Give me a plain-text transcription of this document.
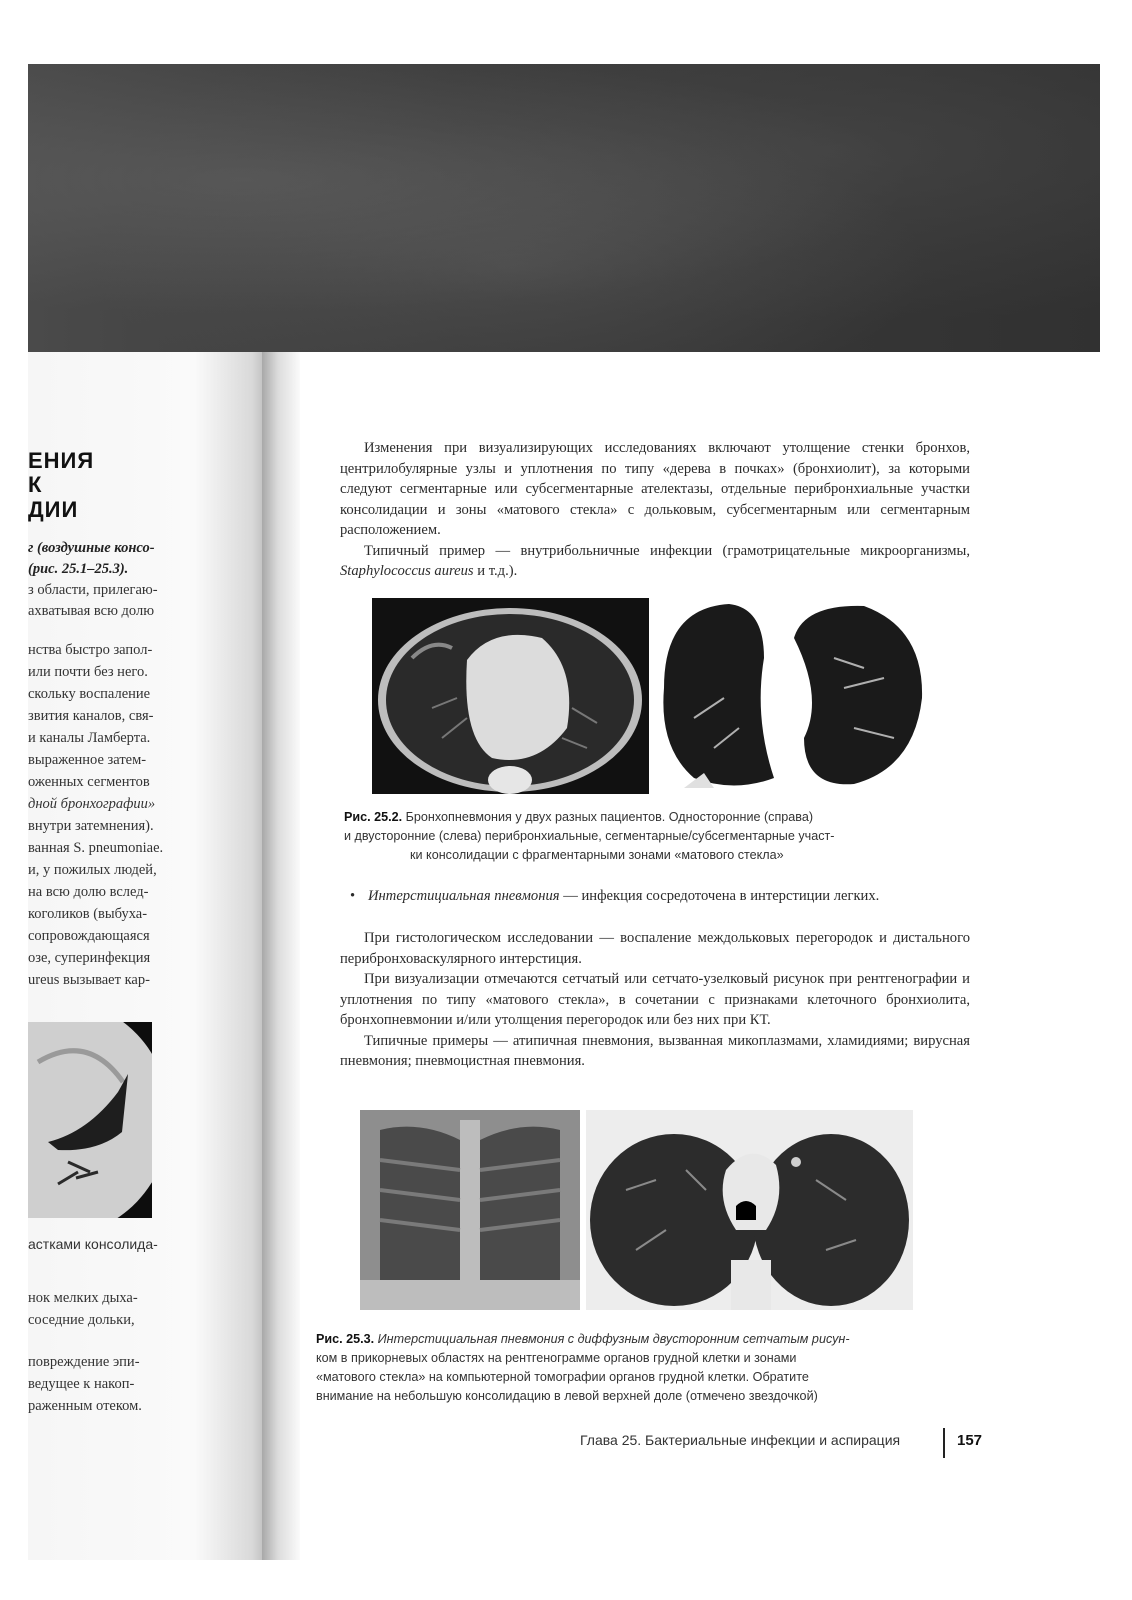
ЕНИЯ
К
ДИИ
г (воздушные консо-
(рис. 25.1–25.3).
з области, прилегаю-
ахватывая всю долю
нства быстро запол-
или почти без него.
скольку воспаление
звития каналов, свя-
и каналы Ламберта.
выраженное затем-
оженных сегментов
дной бронхографии»
внутри затемнения).
ванная S. pneumoniae.
и, у пожилых людей,
на всю долю вслед-
коголиков (выбуха-
сопровождающаяся
озе, суперинфекция
ureus вызывает кар-
астками консолида-
нок мелких дыха-
соседние дольки,
повреждение эпи-
ведущее к накоп-
раженным отеком.

Изменения при визуализирующих исследованиях включают утолщение стенки бронхов, центрилобулярные узлы и уплотнения по типу «дерева в почках» (бронхиолит), за которыми следуют сегментарные или субсегментарные ателектазы, отдельные перибронхиальные участки консолидации и зоны «матового стекла» с дольковым, субсегментарным или сегментарным расположением.

Типичный пример — внутрибольничные инфекции (грамотрицательные микроорганизмы, Staphylococcus aureus и т.д.).

Рис. 25.2. Бронхопневмония у двух разных пациентов. Односторонние (справа)
и двусторонние (слева) перибронхиальные, сегментарные/субсегментарные участ-
ки консолидации с фрагментарными зонами «матового стекла»
• Интерстициальная пневмония — инфекция сосредоточена в интерстиции легких.

При гистологическом исследовании — воспаление междольковых перегородок и дистального перибронховаскулярного интерстиция.

При визуализации отмечаются сетчатый или сетчато-узелковый рисунок при рентгенографии и уплотнения по типу «матового стекла», в сочетании с признаками клеточного бронхиолита, бронхопневмонии и/или утолщения перегородок или без них при КТ.

Типичные примеры — атипичная пневмония, вызванная микоплазмами, хламидиями; вирусная пневмония; пневмоцистная пневмония.

Рис. 25.3. Интерстициальная пневмония с диффузным двусторонним сетчатым рисун-
ком в прикорневых областях на рентгенограмме органов грудной клетки и зонами
«матового стекла» на компьютерной томографии органов грудной клетки. Обратите
внимание на небольшую консолидацию в левой верхней доле (отмечено звездочкой)
Глава 25. Бактериальные инфекции и аспирация	157
